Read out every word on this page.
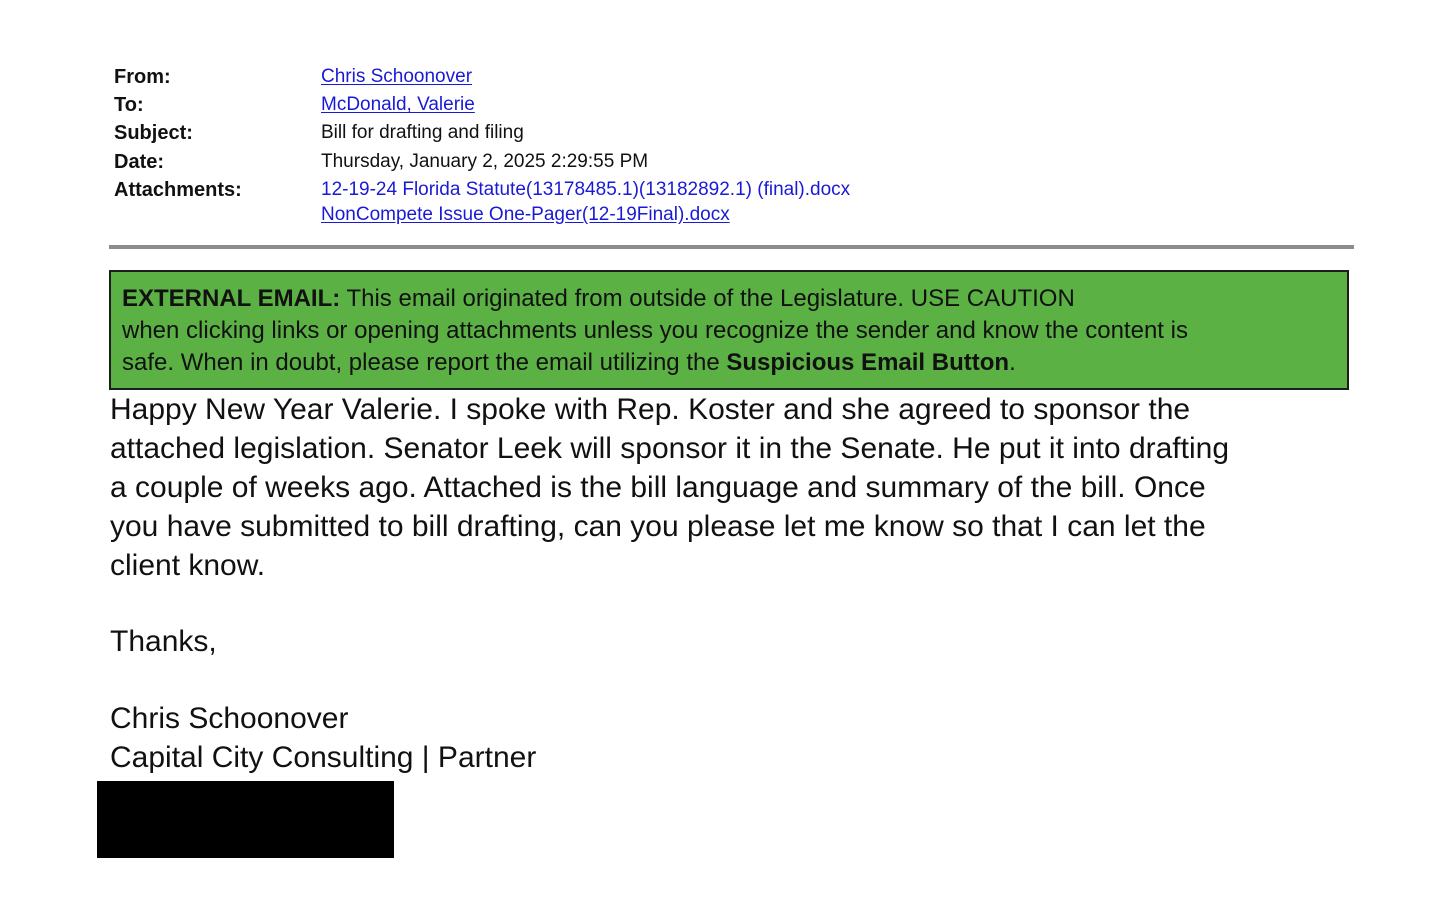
From:	Chris Schoonover
To:	McDonald, Valerie
Subject:	Bill for drafting and filing
Date:	Thursday, January 2, 2025 2:29:55 PM
Attachments:	12-19-24 Florida Statute(13178485.1)(13182892.1) (final).docx
NonCompete Issue One-Pager(12-19Final).docx
EXTERNAL EMAIL: This email originated from outside of the Legislature. USE CAUTION
when clicking links or opening attachments unless you recognize the sender and know the content is
safe. When in doubt, please report the email utilizing the Suspicious Email Button.
Happy New Year Valerie. I spoke with Rep. Koster and she agreed to sponsor the
attached legislation. Senator Leek will sponsor it in the Senate. He put it into drafting
a couple of weeks ago. Attached is the bill language and summary of the bill. Once
you have submitted to bill drafting, can you please let me know so that I can let the
client know.
Thanks,
Chris Schoonover
Capital City Consulting | Partner
